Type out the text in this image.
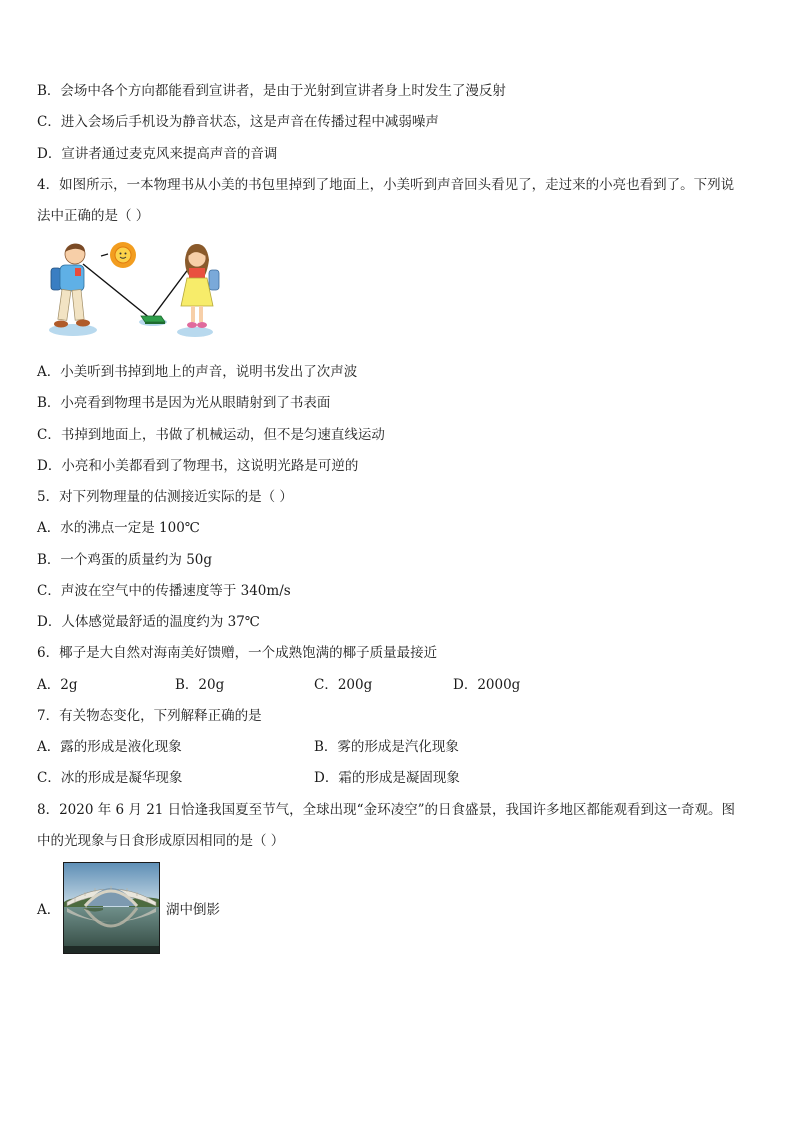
B．会场中各个方向都能看到宣讲者，是由于光射到宣讲者身上时发生了漫反射
C．进入会场后手机设为静音状态，这是声音在传播过程中减弱噪声
D．宣讲者通过麦克风来提高声音的音调
4．如图所示，一本物理书从小美的书包里掉到了地面上，小美听到声音回头看见了，走过来的小亮也看到了。下列说
法中正确的是（ ）
A．小美听到书掉到地上的声音，说明书发出了次声波
B．小亮看到物理书是因为光从眼睛射到了书表面
C．书掉到地面上，书做了机械运动，但不是匀速直线运动
D．小亮和小美都看到了物理书，这说明光路是可逆的
5．对下列物理量的估测接近实际的是（ ）
A．水的沸点一定是 100℃
B．一个鸡蛋的质量约为 50g
C．声波在空气中的传播速度等于 340m/s
D．人体感觉最舒适的温度约为 37℃
6．椰子是大自然对海南美好馈赠，一个成熟饱满的椰子质量最接近
A．2g	B．20g	C．200g	D．2000g
7．有关物态变化，下列解释正确的是
A．露的形成是液化现象	B．雾的形成是汽化现象
C．冰的形成是凝华现象	D．霜的形成是凝固现象
8．2020 年 6 月 21 日恰逢我国夏至节气，全球出现“金环凌空”的日食盛景，我国许多地区都能观看到这一奇观。图
中的光现象与日食形成原因相同的是（ ）
A．	湖中倒影
